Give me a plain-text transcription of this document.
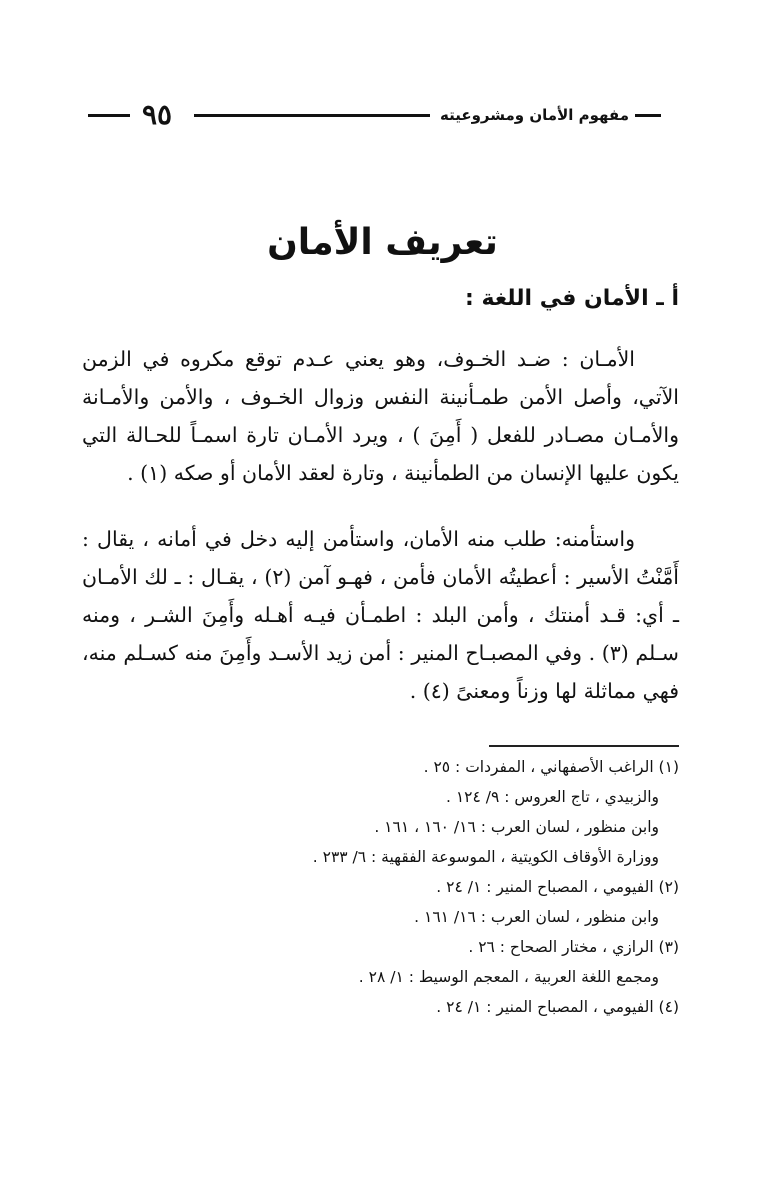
مفهوم الأمان ومشروعيته
٩٥
تعريف الأمان
أ ـ الأمان في اللغة :

الأمـان : ضـد الخـوف، وهو يعني عـدم توقع مكروه في الزمن الآتي، وأصل الأمن طمـأنينة النفس وزوال الخـوف ، والأمن والأمـانة والأمـان مصـادر للفعل ( أَمِنَ ) ، ويرد الأمـان تارة اسمـاً للحـالة التي يكون عليها الإنسان من الطمأنينة ، وتارة لعقد الأمان أو صكه (١) .

واستأمنه: طلب منه الأمان، واستأمن إليه دخل في أمانه ، يقال : أَمَّنْتُ الأسير : أعطيتُه الأمان فأمن ، فهـو آمن (٢) ، يقـال : ـ لك الأمـان ـ أي: قـد أمنتك ، وأمن البلد : اطمـأن فيـه أهـله وأَمِنَ الشـر ، ومنه سـلم (٣) . وفي المصبـاح المنير : أمن زيد الأسـد وأَمِنَ منه كسـلم منه، فهي مماثلة لها وزناً ومعنىً (٤) .

(١) الراغب الأصفهاني ، المفردات : ٢٥ .
والزبيدي ، تاج العروس : ٩/ ١٢٤ .
وابن منظور ، لسان العرب : ١٦/ ١٦٠ ، ١٦١ .
ووزارة الأوقاف الكويتية ، الموسوعة الفقهية : ٦/ ٢٣٣ .
(٢) الفيومي ، المصباح المنير : ١/ ٢٤ .
وابن منظور ، لسان العرب : ١٦/ ١٦١ .
(٣) الرازي ، مختار الصحاح : ٢٦ .
ومجمع اللغة العربية ، المعجم الوسيط : ١/ ٢٨ .
(٤) الفيومي ، المصباح المنير : ١/ ٢٤ .
